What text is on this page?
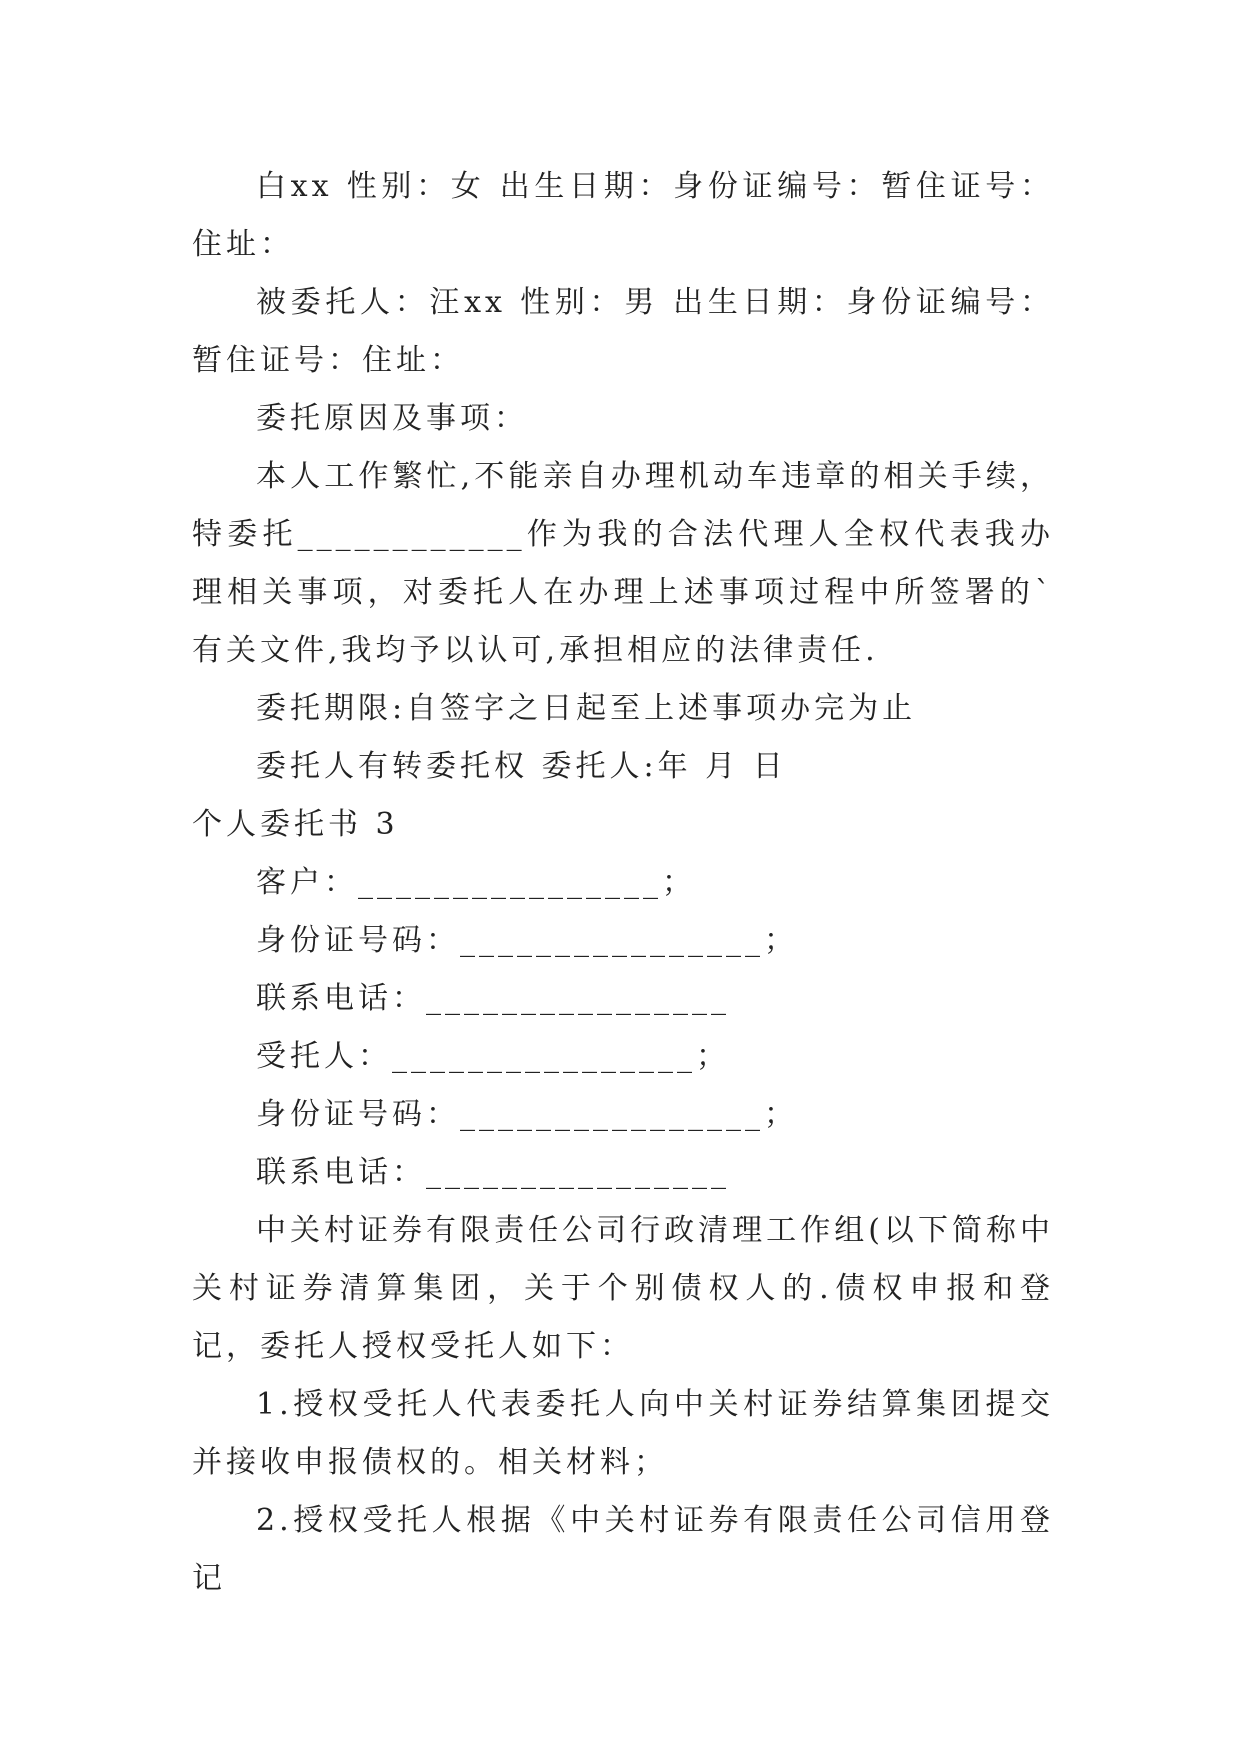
白xx 性别：女 出生日期：身份证编号：暂住证号：住址：

被委托人：汪xx 性别：男 出生日期：身份证编号：暂住证号：住址：

委托原因及事项：

本人工作繁忙,不能亲自办理机动车违章的相关手续，特委托____________作为我的合法代理人全权代表我办理相关事项，对委托人在办理上述事项过程中所签署的`有关文件,我均予以认可,承担相应的法律责任.

委托期限:自签字之日起至上述事项办完为止

委托人有转委托权 委托人:年 月 日

个人委托书 3

客户：________________；

身份证号码：________________；

联系电话：________________

受托人：________________；

身份证号码：________________；

联系电话：________________

中关村证券有限责任公司行政清理工作组(以下简称中关村证券清算集团，关于个别债权人的.债权申报和登记，委托人授权受托人如下：

1.授权受托人代表委托人向中关村证券结算集团提交并接收申报债权的。相关材料；

2.授权受托人根据《中关村证券有限责任公司信用登记
